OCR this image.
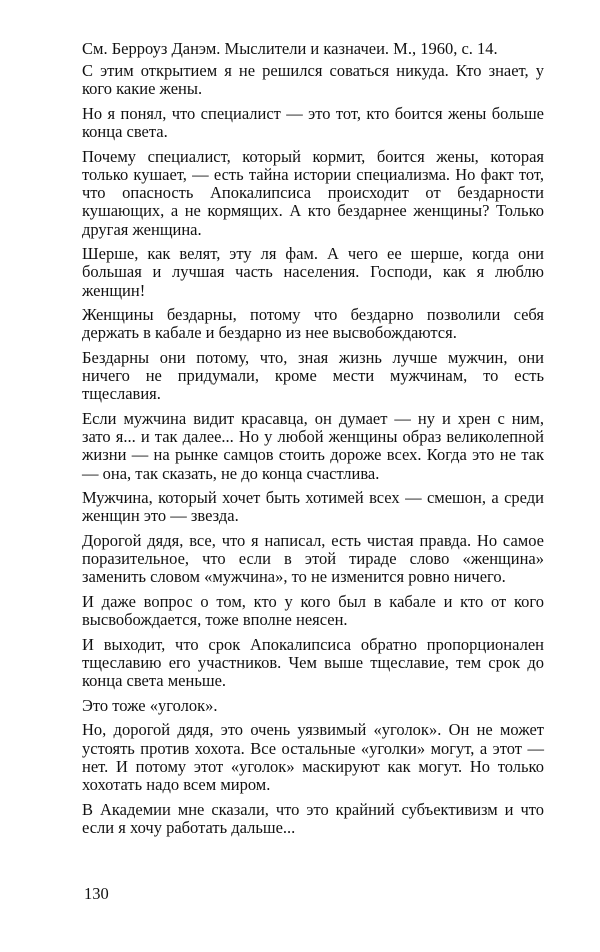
См. Берроуз Данэм. Мыслители и казначеи. М., 1960, с. 14.

С этим открытием я не решился соваться никуда. Кто знает, у кого какие жены.

Но я понял, что специалист — это тот, кто боится жены больше конца света.

Почему специалист, который кормит, боится жены, которая только кушает, — есть тайна истории специализма. Но факт тот, что опасность Апокалипсиса происходит от бездарности кушающих, а не кормящих. А кто бездарнее женщины? Только другая женщина.

Шерше, как велят, эту ля фам. А чего ее шерше, когда они большая и лучшая часть населения. Господи, как я люблю женщин!

Женщины бездарны, потому что бездарно позволили себя держать в кабале и бездарно из нее высвобождаются.

Бездарны они потому, что, зная жизнь лучше мужчин, они ничего не придумали, кроме мести мужчинам, то есть тщеславия.

Если мужчина видит красавца, он думает — ну и хрен с ним, зато я... и так далее... Но у любой женщины образ великолепной жизни — на рынке самцов стоить дороже всех. Когда это не так — она, так сказать, не до конца счастлива.

Мужчина, который хочет быть хотимей всех — смешон, а среди женщин это — звезда.

Дорогой дядя, все, что я написал, есть чистая правда. Но самое поразительное, что если в этой тираде слово «женщина» заменить словом «мужчина», то не изменится ровно ничего.

И даже вопрос о том, кто у кого был в кабале и кто от кого высвобождается, тоже вполне неясен.

И выходит, что срок Апокалипсиса обратно пропорционален тщеславию его участников. Чем выше тщеславие, тем срок до конца света меньше.

Это тоже «уголок».

Но, дорогой дядя, это очень уязвимый «уголок». Он не может устоять против хохота. Все остальные «уголки» могут, а этот — нет. И потому этот «уголок» маскируют как могут. Но только хохотать надо всем миром.

В Академии мне сказали, что это крайний субъективизм и что если я хочу работать дальше...

130
